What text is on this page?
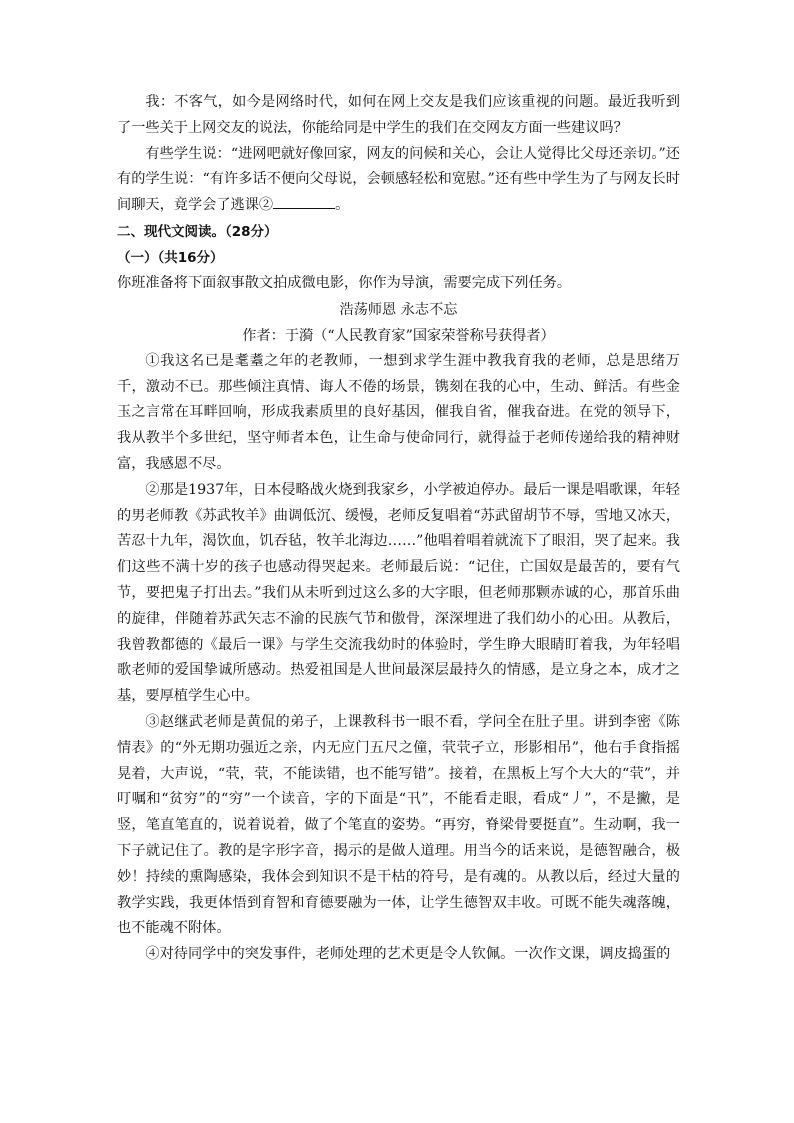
我：不客气，如今是网络时代，如何在网上交友是我们应该重视的问题。最近我听到了一些关于上网交友的说法，你能给同是中学生的我们在交网友方面一些建议吗？

有些学生说：“进网吧就好像回家，网友的问候和关心，会让人觉得比父母还亲切。”还有的学生说：“有许多话不便向父母说，会顿感轻松和宽慰。”还有些中学生为了与网友长时间聊天，竟学会了逃课②	。

二、现代文阅读。（28分）

（一）（共16分）

你班准备将下面叙事散文拍成微电影，你作为导演，需要完成下列任务。

浩荡师恩 永志不忘

作者：于漪（“人民教育家”国家荣誉称号获得者）

①我这名已是耄耋之年的老教师，一想到求学生涯中教我育我的老师，总是思绪万千，激动不已。那些倾注真情、诲人不倦的场景，镌刻在我的心中，生动、鲜活。有些金玉之言常在耳畔回响，形成我素质里的良好基因，催我自省，催我奋进。在党的领导下，我从教半个多世纪，坚守师者本色，让生命与使命同行，就得益于老师传递给我的精神财富，我感恩不尽。

②那是1937年，日本侵略战火烧到我家乡，小学被迫停办。最后一课是唱歌课，年轻的男老师教《苏武牧羊》曲调低沉、缓慢，老师反复唱着“苏武留胡节不辱，雪地又冰天，苦忍十九年，渴饮血，饥吞毡，牧羊北海边……”他唱着唱着就流下了眼泪，哭了起来。我们这些不满十岁的孩子也感动得哭起来。老师最后说：“记住，亡国奴是最苦的，要有气节，要把鬼子打出去。”我们从未听到过这么多的大字眼，但老师那颗赤诚的心，那首乐曲的旋律，伴随着苏武矢志不渝的民族气节和傲骨，深深埋进了我们幼小的心田。从教后，我曾教都德的《最后一课》与学生交流我幼时的体验时，学生睁大眼睛盯着我，为年轻唱歌老师的爱国挚诚所感动。热爱祖国是人世间最深层最持久的情感，是立身之本，成才之基，要厚植学生心中。

③赵继武老师是黄侃的弟子，上课教科书一眼不看，学问全在肚子里。讲到李密《陈情表》的“外无期功强近之亲，内无应门五尺之僮，茕茕孑立，形影相吊”，他右手食指摇晃着，大声说，“茕，茕，不能读错，也不能写错”。接着，在黑板上写个大大的“茕”，并叮嘱和“贫穷”的“穷”一个读音，字的下面是“卂”，不能看走眼，看成“丿”，不是撇，是竖，笔直笔直的，说着说着，做了个笔直的姿势。“再穷，脊梁骨要挺直”。生动啊，我一下子就记住了。教的是字形字音，揭示的是做人道理。用当今的话来说，是德智融合，极妙！持续的熏陶感染，我体会到知识不是干枯的符号，是有魂的。从教以后，经过大量的教学实践，我更体悟到育智和育德要融为一体，让学生德智双丰收。可既不能失魂落魄，也不能魂不附体。

④对待同学中的突发事件，老师处理的艺术更是令人钦佩。一次作文课，调皮捣蛋的
